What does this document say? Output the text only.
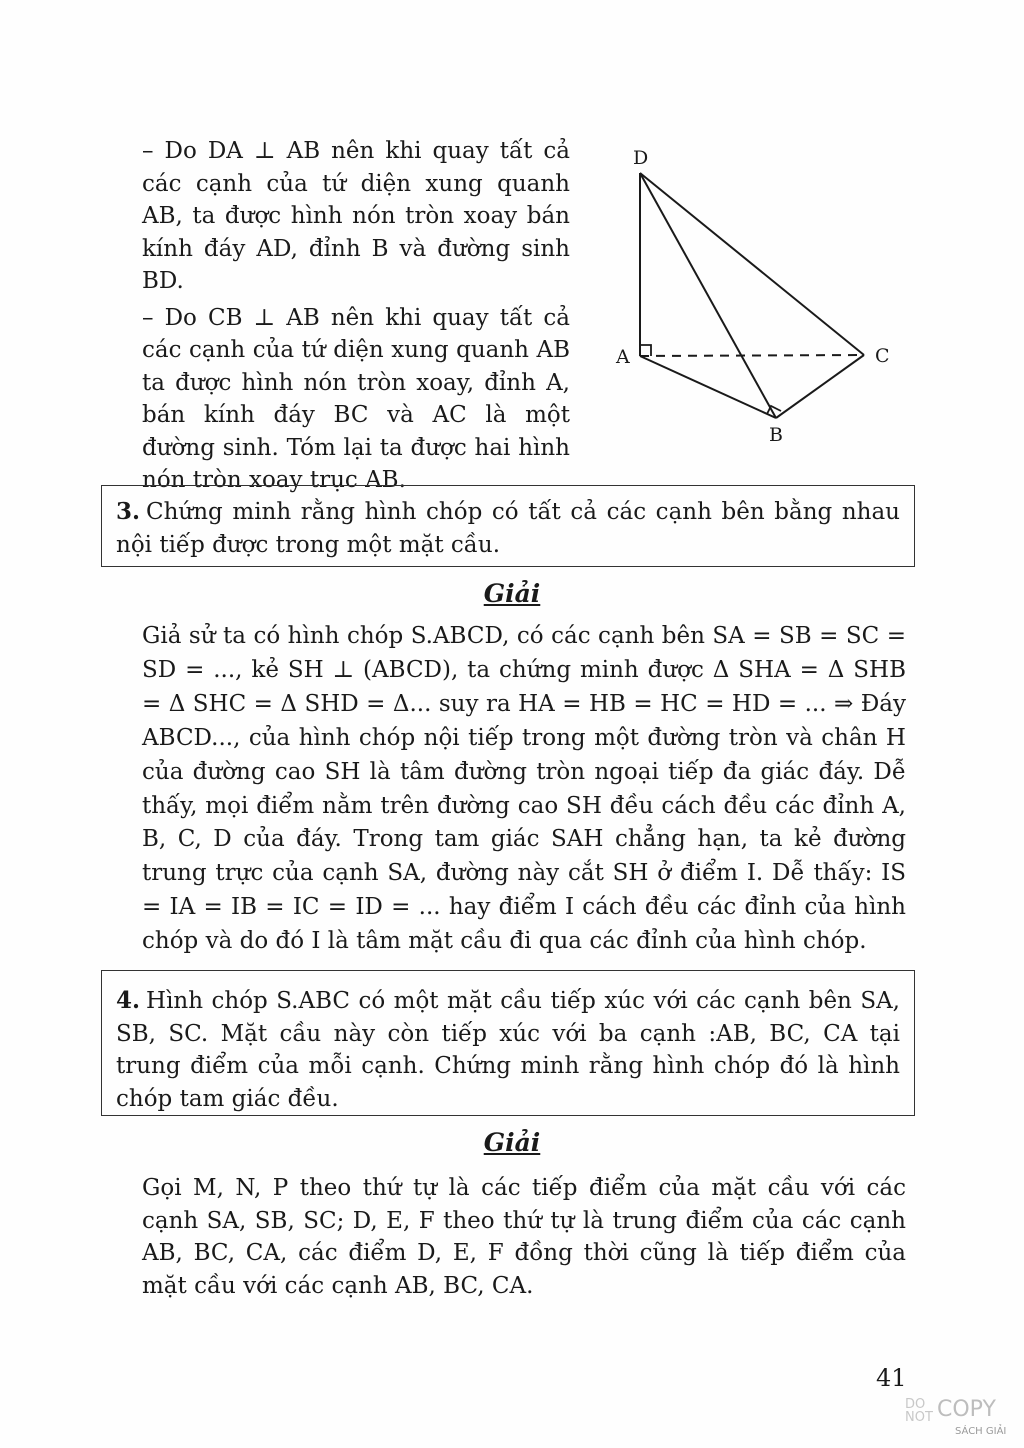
– Do DA ⊥ AB nên khi quay tất cả các cạnh của tứ diện xung quanh AB, ta được hình nón tròn xoay bán kính đáy AD, đỉnh B và đường sinh BD.

– Do CB ⊥ AB nên khi quay tất cả các cạnh của tứ diện xung quanh AB ta được hình nón tròn xoay, đỉnh A, bán kính đáy BC và AC là một đường sinh. Tóm lại ta được hai hình nón tròn xoay trục AB.

D
A	C
B
3. Chứng minh rằng hình chóp có tất cả các cạnh bên bằng nhau nội tiếp được trong một mặt cầu.
Giải

Giả sử ta có hình chóp S.ABCD, có các cạnh bên SA = SB = SC = SD = ..., kẻ SH ⊥ (ABCD), ta chứng minh được Δ SHA = Δ SHB = Δ SHC = Δ SHD = Δ... suy ra HA = HB = HC = HD = ... ⇒ Đáy ABCD..., của hình chóp nội tiếp trong một đường tròn và chân H của đường cao SH là tâm đường tròn ngoại tiếp đa giác đáy. Dễ thấy, mọi điểm nằm trên đường cao SH đều cách đều các đỉnh A, B, C, D của đáy. Trong tam giác SAH chẳng hạn, ta kẻ đường trung trực của cạnh SA, đường này cắt SH ở điểm I. Dễ thấy: IS = IA = IB = IC = ID = ... hay điểm I cách đều các đỉnh của hình chóp và do đó I là tâm mặt cầu đi qua các đỉnh của hình chóp.

4. Hình chóp S.ABC có một mặt cầu tiếp xúc với các cạnh bên SA, SB, SC. Mặt cầu này còn tiếp xúc với ba cạnh :AB, BC, CA tại trung điểm của mỗi cạnh. Chứng minh rằng hình chóp đó là hình chóp tam giác đều.
Giải

Gọi M, N, P theo thứ tự là các tiếp điểm của mặt cầu với các cạnh SA, SB, SC; D, E, F theo thứ tự là trung điểm của các cạnh AB, BC, CA, các điểm D, E, F đồng thời cũng là tiếp điểm của mặt cầu với các cạnh AB, BC, CA.

41
DO
NOT COPY
SÁCH GIẢI
